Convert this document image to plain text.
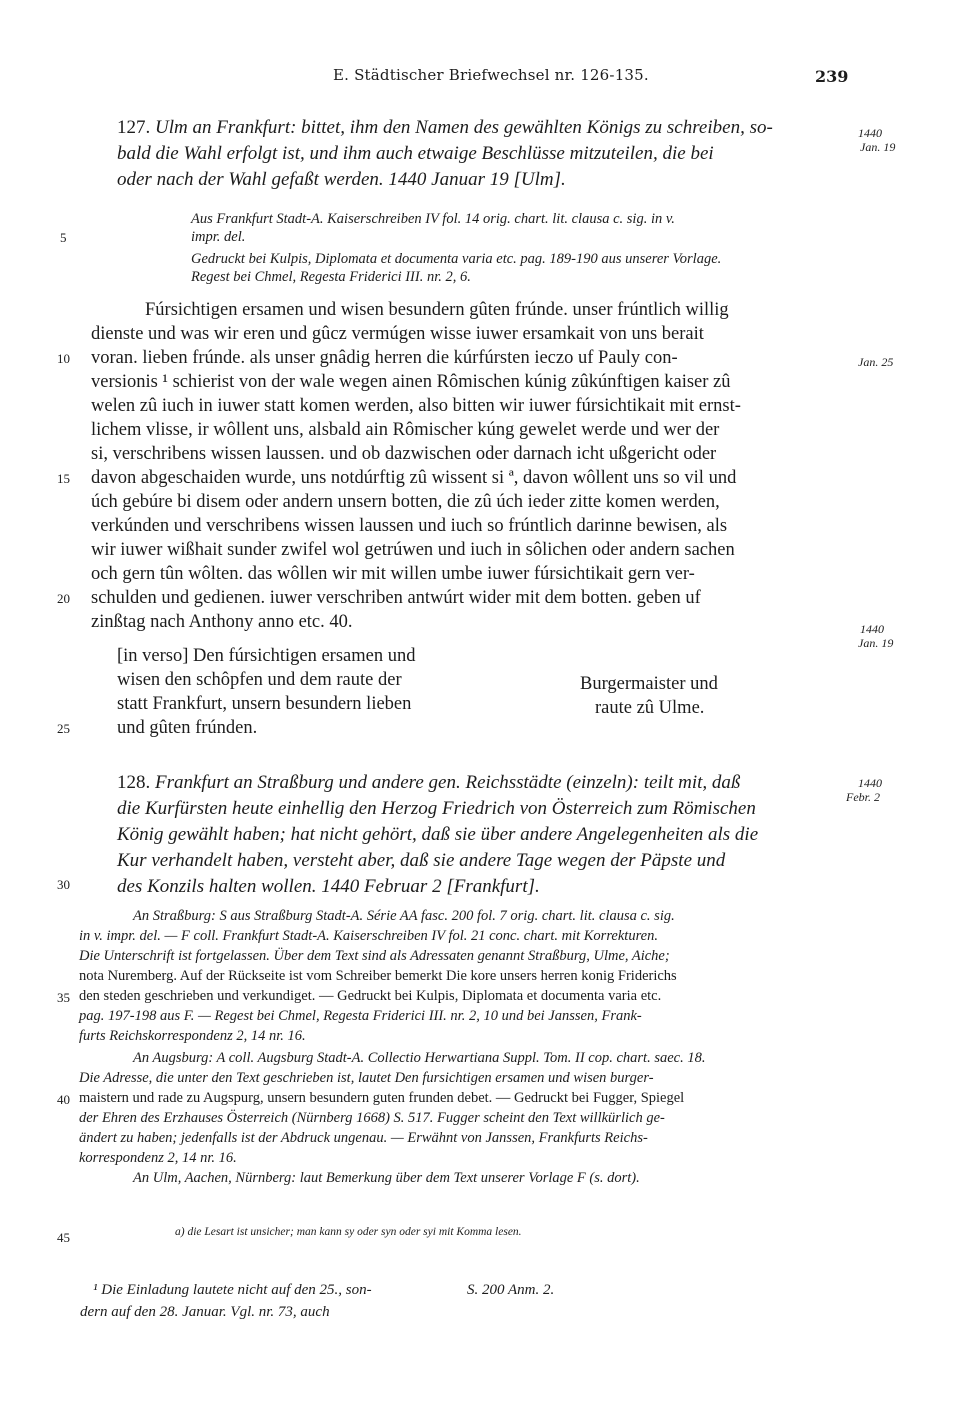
E. Städtischer Briefwechsel nr. 126-135.	239
127. Ulm an Frankfurt: bittet, ihm den Namen des gewählten Königs zu schreiben, so-
bald die Wahl erfolgt ist, und ihm auch etwaige Beschlüsse mitzuteilen, die bei
oder nach der Wahl gefaßt werden. 1440 Januar 19 [Ulm].
1440
Jan. 19
Aus Frankfurt Stadt-A. Kaiserschreiben IV fol. 14 orig. chart. lit. clausa c. sig. in v.
impr. del.
Gedruckt bei Kulpis, Diplomata et documenta varia etc. pag. 189-190 aus unserer Vorlage.
Regest bei Chmel, Regesta Friderici III. nr. 2, 6.
Fúrsichtigen ersamen und wisen besundern gûten frúnde. unser frúntlich willig
dienste und was wir eren und gûcz vermúgen wisse iuwer ersamkait von uns berait
voran. lieben frúnde. als unser gnâdig herren die kúrfúrsten ieczo uf Pauly con-
versionis ¹ schierist von der wale wegen ainen Rômischen kúnig zûkúnftigen kaiser zû
welen zû iuch in iuwer statt komen werden, also bitten wir iuwer fúrsichtikait mit ernst-
lichem vlisse, ir wôllent uns, alsbald ain Rômischer kúng gewelet werde und wer der
si, verschribens wissen laussen. und ob dazwischen oder darnach icht ußgericht oder
davon abgeschaiden wurde, uns notdúrftig zû wissent si ª, davon wôllent uns so vil und
úch gebúre bi disem oder andern unsern botten, die zû úch ieder zitte komen werden,
verkúnden und verschribens wissen laussen und iuch so frúntlich darinne bewisen, als
wir iuwer wißhait sunder zwifel wol getrúwen und iuch in sôlichen oder andern sachen
och gern tûn wôlten. das wôllen wir mit willen umbe iuwer fúrsichtikait gern ver-
schulden und gedienen. iuwer verschriben antwúrt wider mit dem botten. geben uf
zinßtag nach Anthony anno etc. 40.
Jan. 25
1440
Jan. 19
[in verso] Den fúrsichtigen ersamen und
wisen den schôpfen und dem raute der
statt Frankfurt, unsern besundern lieben
und gûten frúnden.
Burgermaister und
raute zû Ulme.
128. Frankfurt an Straßburg und andere gen. Reichsstädte (einzeln): teilt mit, daß
die Kurfürsten heute einhellig den Herzog Friedrich von Österreich zum Römischen
König gewählt haben; hat nicht gehört, daß sie über andere Angelegenheiten als die
Kur verhandelt haben, versteht aber, daß sie andere Tage wegen der Päpste und
des Konzils halten wollen. 1440 Februar 2 [Frankfurt].
1440
Febr. 2
An Straßburg: S aus Straßburg Stadt-A. Série AA fasc. 200 fol. 7 orig. chart. lit. clausa c. sig.
in v. impr. del. — F coll. Frankfurt Stadt-A. Kaiserschreiben IV fol. 21 conc. chart. mit Korrekturen.
Die Unterschrift ist fortgelassen. Über dem Text sind als Adressaten genannt Straßburg, Ulme, Aiche;
nota Nuremberg. Auf der Rückseite ist vom Schreiber bemerkt Die kore unsers herren konig Friderichs
den steden geschrieben und verkundiget. — Gedruckt bei Kulpis, Diplomata et documenta varia etc.
pag. 197-198 aus F. — Regest bei Chmel, Regesta Friderici III. nr. 2, 10 und bei Janssen, Frank-
furts Reichskorrespondenz 2, 14 nr. 16.
An Augsburg: A coll. Augsburg Stadt-A. Collectio Herwartiana Suppl. Tom. II cop. chart. saec. 18.
Die Adresse, die unter den Text geschrieben ist, lautet Den fursichtigen ersamen und wisen burger-
maistern und rade zu Augspurg, unsern besundern guten frunden debet. — Gedruckt bei Fugger, Spiegel
der Ehren des Erzhauses Österreich (Nürnberg 1668) S. 517. Fugger scheint den Text willkürlich ge-
ändert zu haben; jedenfalls ist der Abdruck ungenau. — Erwähnt von Janssen, Frankfurts Reichs-
korrespondenz 2, 14 nr. 16.
An Ulm, Aachen, Nürnberg: laut Bemerkung über dem Text unserer Vorlage F (s. dort).
5
10
15
20
25
30
35
40
45	a) die Lesart ist unsicher; man kann sy oder syn oder syi mit Komma lesen.
¹ Die Einladung lautete nicht auf den 25., son-
dern auf den 28. Januar. Vgl. nr. 73, auch
S. 200 Anm. 2.
